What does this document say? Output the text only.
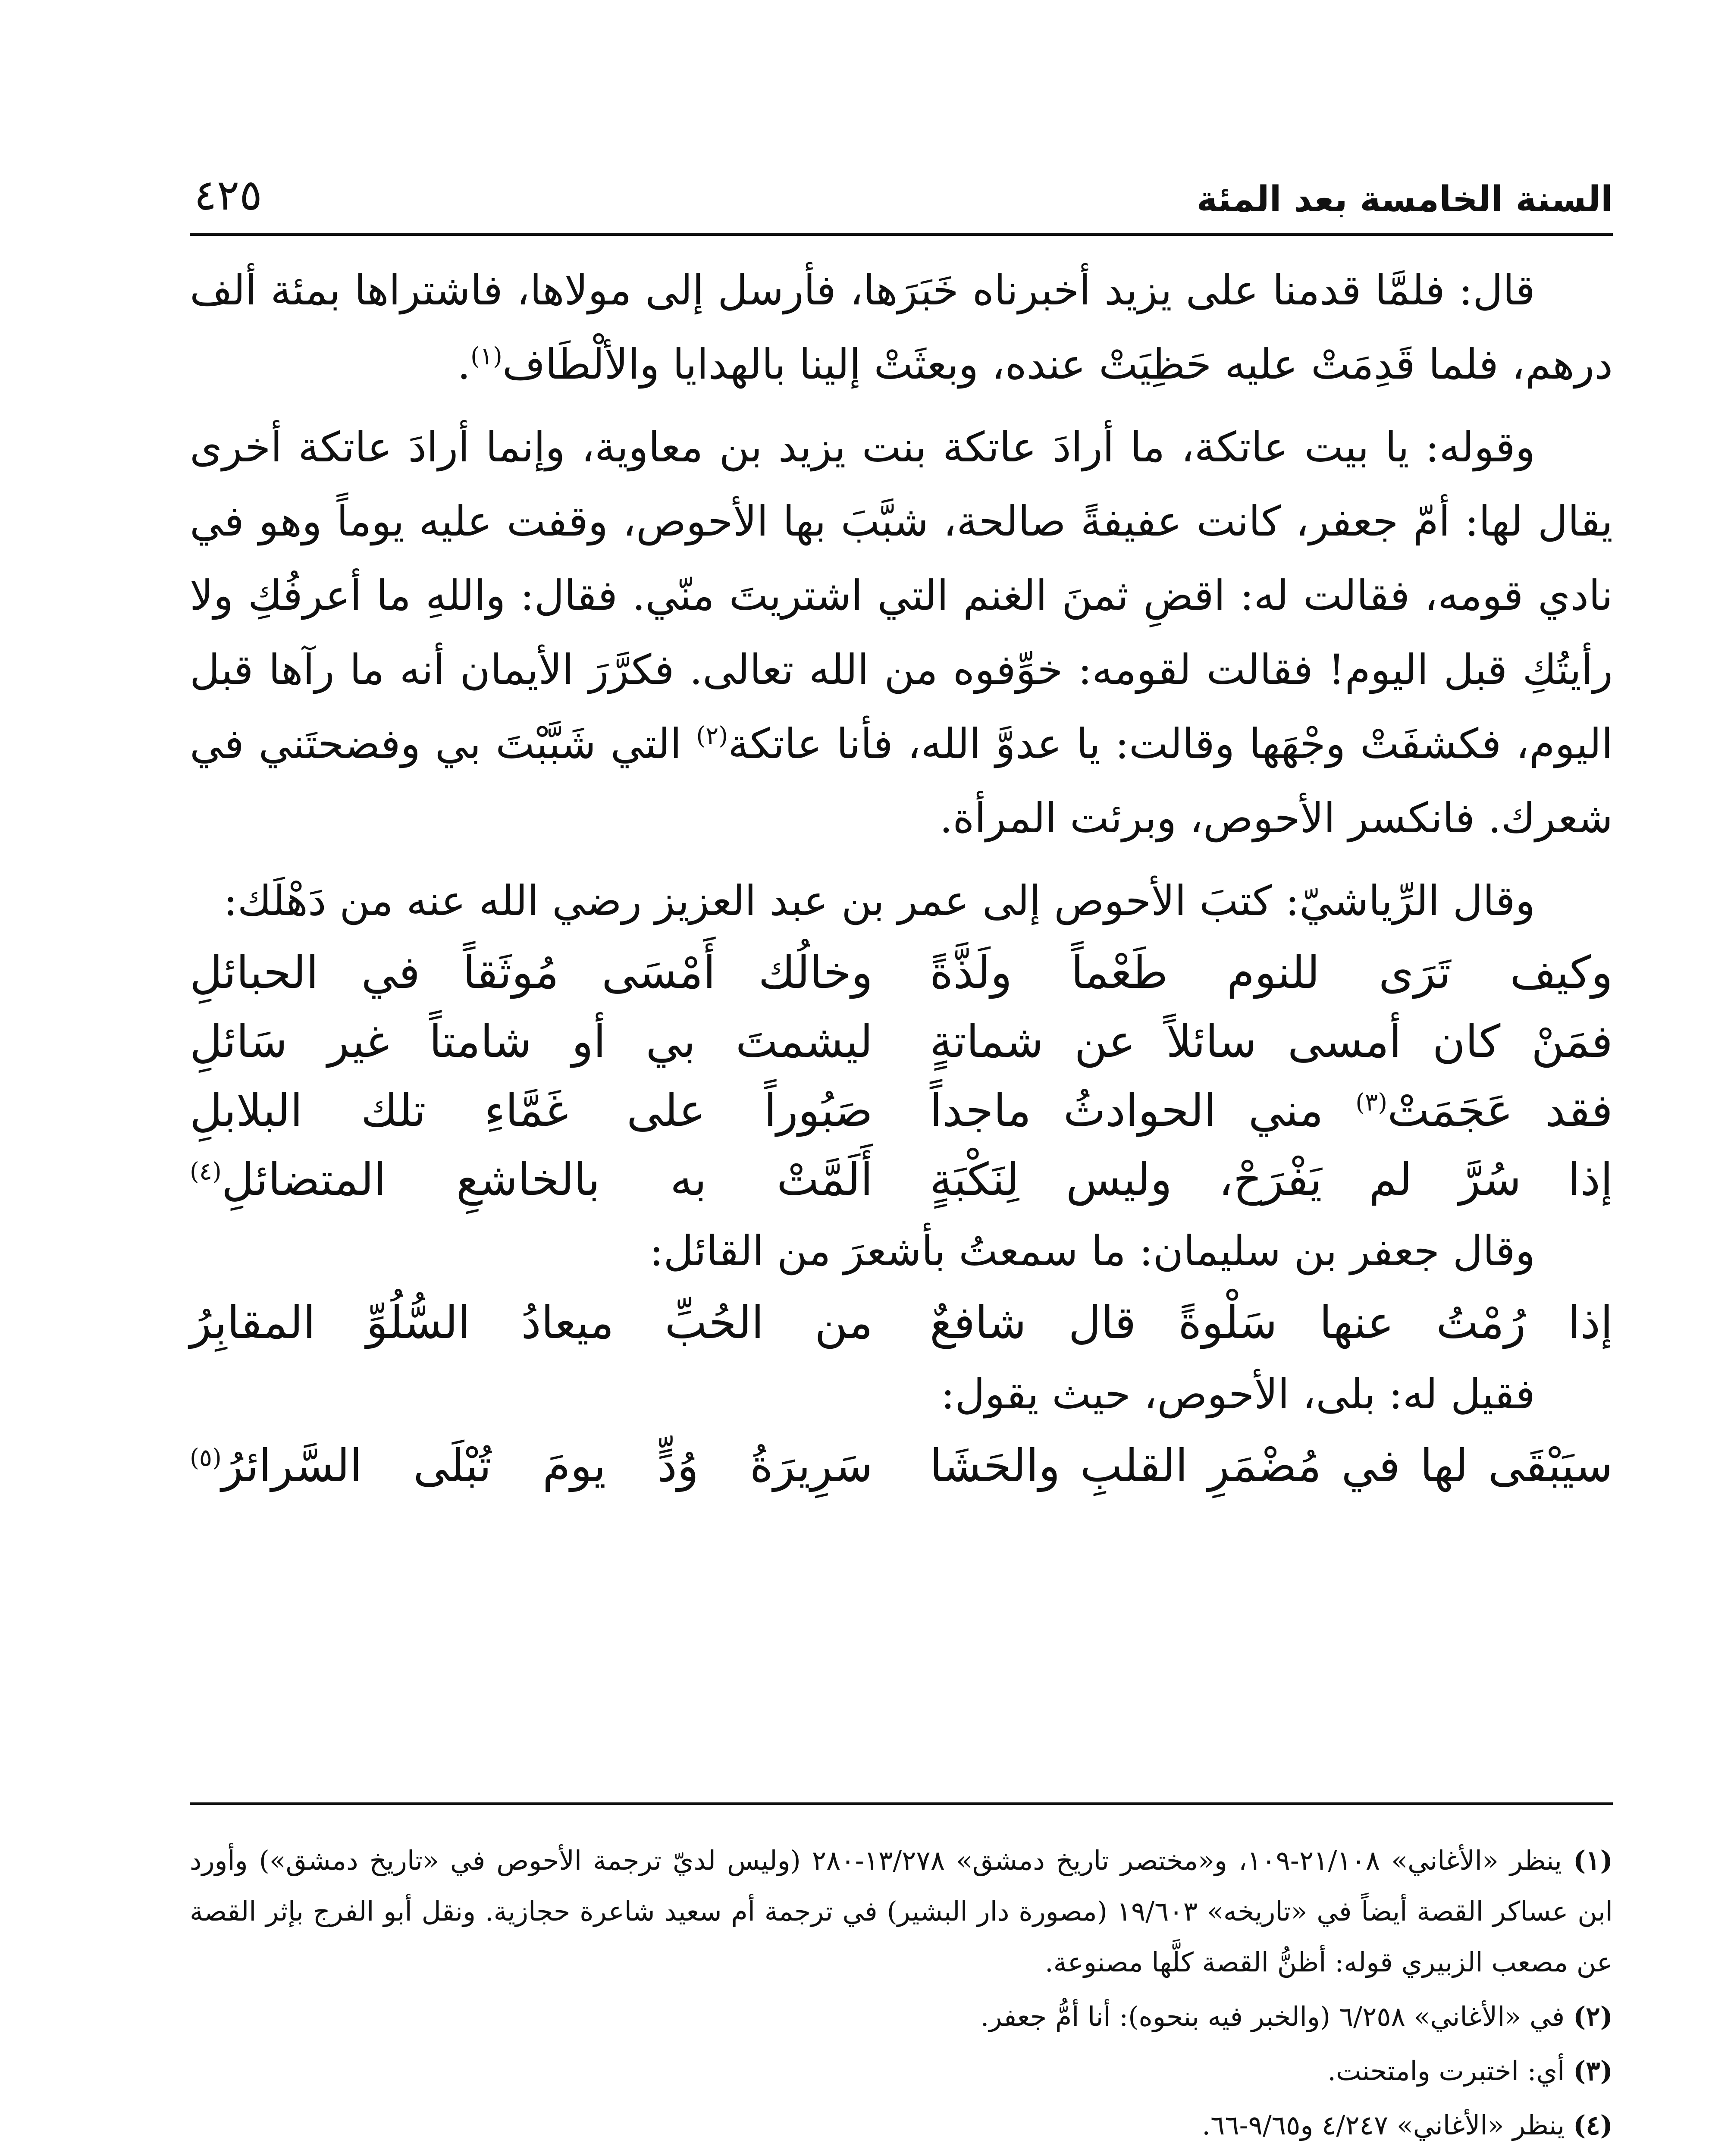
السنة الخامسة بعد المئة
٤٢٥

قال: فلمَّا قدمنا على يزيد أخبرناه خَبَرَها، فأرسل إلى مولاها، فاشتراها بمئة ألف درهم، فلما قَدِمَتْ عليه حَظِيَتْ عنده، وبعثَتْ إلينا بالهدايا والألْطَاف$^{(١)}$.

وقوله: يا بيت عاتكة، ما أرادَ عاتكة بنت يزيد بن معاوية، وإنما أرادَ عاتكة أخرى يقال لها: أمّ جعفر، كانت عفيفةً صالحة، شبَّبَ بها الأحوص، وقفت عليه يوماً وهو في نادي قومه، فقالت له: اقضِ ثمنَ الغنم التي اشتريتَ منّي. فقال: واللهِ ما أعرفُكِ ولا رأيتُكِ قبل اليوم! فقالت لقومه: خوِّفوه من الله تعالى. فكرَّرَ الأيمان أنه ما رآها قبل اليوم، فكشفَتْ وجْهَها وقالت: يا عدوَّ الله، فأنا عاتكة$^{(٢)}$ التي شَبَّبْتَ بي وفضحتَني في شعرك. فانكسر الأحوص، وبرئت المرأة.

وقال الرِّياشيّ: كتبَ الأحوص إلى عمر بن عبد العزيز رضي الله عنه من دَهْلَك:

وكيف تَرَى للنوم طَعْماً ولَذَّةً
وخالُك أَمْسَى مُوثَقاً في الحبائلِ
فمَنْ كان أمسى سائلاً عن شماتةٍ
ليشمتَ بي أو شامتاً غير سَائلِ
فقد عَجَمَتْ$^{(٣)}$ مني الحوادثُ ماجداً
صَبُوراً على غَمَّاءِ تلك البلابلِ
إذا سُرَّ لم يَفْرَحْ، وليس لِنَكْبَةٍ
أَلَمَّتْ به بالخاشعِ المتضائلِ$^{(٤)}$

وقال جعفر بن سليمان: ما سمعتُ بأشعرَ من القائل:

إذا رُمْتُ عنها سَلْوةً قال شافعٌ
من الحُبِّ ميعادُ السُّلُوِّ المقابِرُ

فقيل له: بلى، الأحوص، حيث يقول:

سيَبْقَى لها في مُضْمَرِ القلبِ والحَشَا
سَرِيرَةُ وُدٍّ يومَ تُبْلَى السَّرائرُ$^{(٥)}$

(١) ينظر «الأغاني» ٢١/١٠٨-١٠٩، و«مختصر تاريخ دمشق» ١٣/٢٧٨-٢٨٠ (وليس لديّ ترجمة الأحوص في «تاريخ دمشق») وأورد ابن عساكر القصة أيضاً في «تاريخه» ١٩/٦٠٣ (مصورة دار البشير) في ترجمة أم سعيد شاعرة حجازية. ونقل أبو الفرج بإثر القصة عن مصعب الزبيري قوله: أظنُّ القصة كلَّها مصنوعة.

(٢) في «الأغاني» ٦/٢٥٨ (والخبر فيه بنحوه): أنا أمُّ جعفر.

(٣) أي: اختبرت وامتحنت.

(٤) ينظر «الأغاني» ٤/٢٤٧ و٩/٦٥-٦٦.
